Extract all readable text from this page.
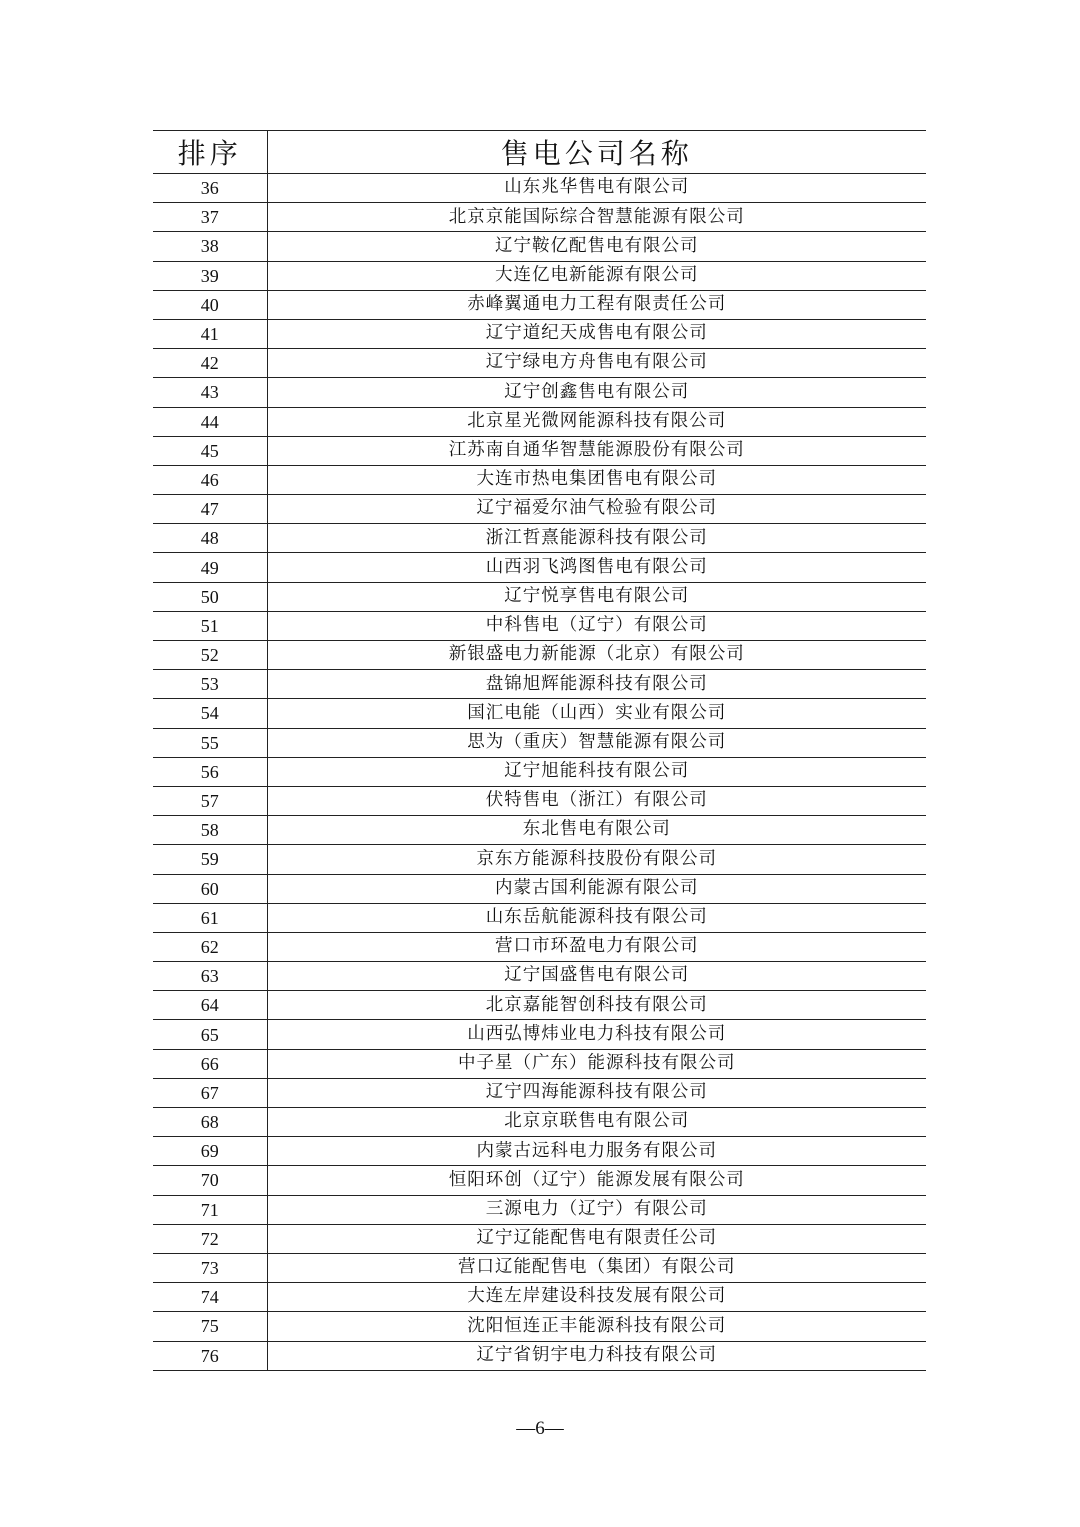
排序	售电公司名称
36	山东兆华售电有限公司
37	北京京能国际综合智慧能源有限公司
38	辽宁鞍亿配售电有限公司
39	大连亿电新能源有限公司
40	赤峰翼通电力工程有限责任公司
41	辽宁道纪天成售电有限公司
42	辽宁绿电方舟售电有限公司
43	辽宁创鑫售电有限公司
44	北京星光微网能源科技有限公司
45	江苏南自通华智慧能源股份有限公司
46	大连市热电集团售电有限公司
47	辽宁福爱尔油气检验有限公司
48	浙江哲熹能源科技有限公司
49	山西羽飞鸿图售电有限公司
50	辽宁悦享售电有限公司
51	中科售电（辽宁）有限公司
52	新银盛电力新能源（北京）有限公司
53	盘锦旭辉能源科技有限公司
54	国汇电能（山西）实业有限公司
55	思为（重庆）智慧能源有限公司
56	辽宁旭能科技有限公司
57	伏特售电（浙江）有限公司
58	东北售电有限公司
59	京东方能源科技股份有限公司
60	内蒙古国利能源有限公司
61	山东岳航能源科技有限公司
62	营口市环盈电力有限公司
63	辽宁国盛售电有限公司
64	北京嘉能智创科技有限公司
65	山西弘博炜业电力科技有限公司
66	中子星（广东）能源科技有限公司
67	辽宁四海能源科技有限公司
68	北京京联售电有限公司
69	内蒙古远科电力服务有限公司
70	恒阳环创（辽宁）能源发展有限公司
71	三源电力（辽宁）有限公司
72	辽宁辽能配售电有限责任公司
73	营口辽能配售电（集团）有限公司
74	大连左岸建设科技发展有限公司
75	沈阳恒连正丰能源科技有限公司
76	辽宁省钥宇电力科技有限公司
—6—
